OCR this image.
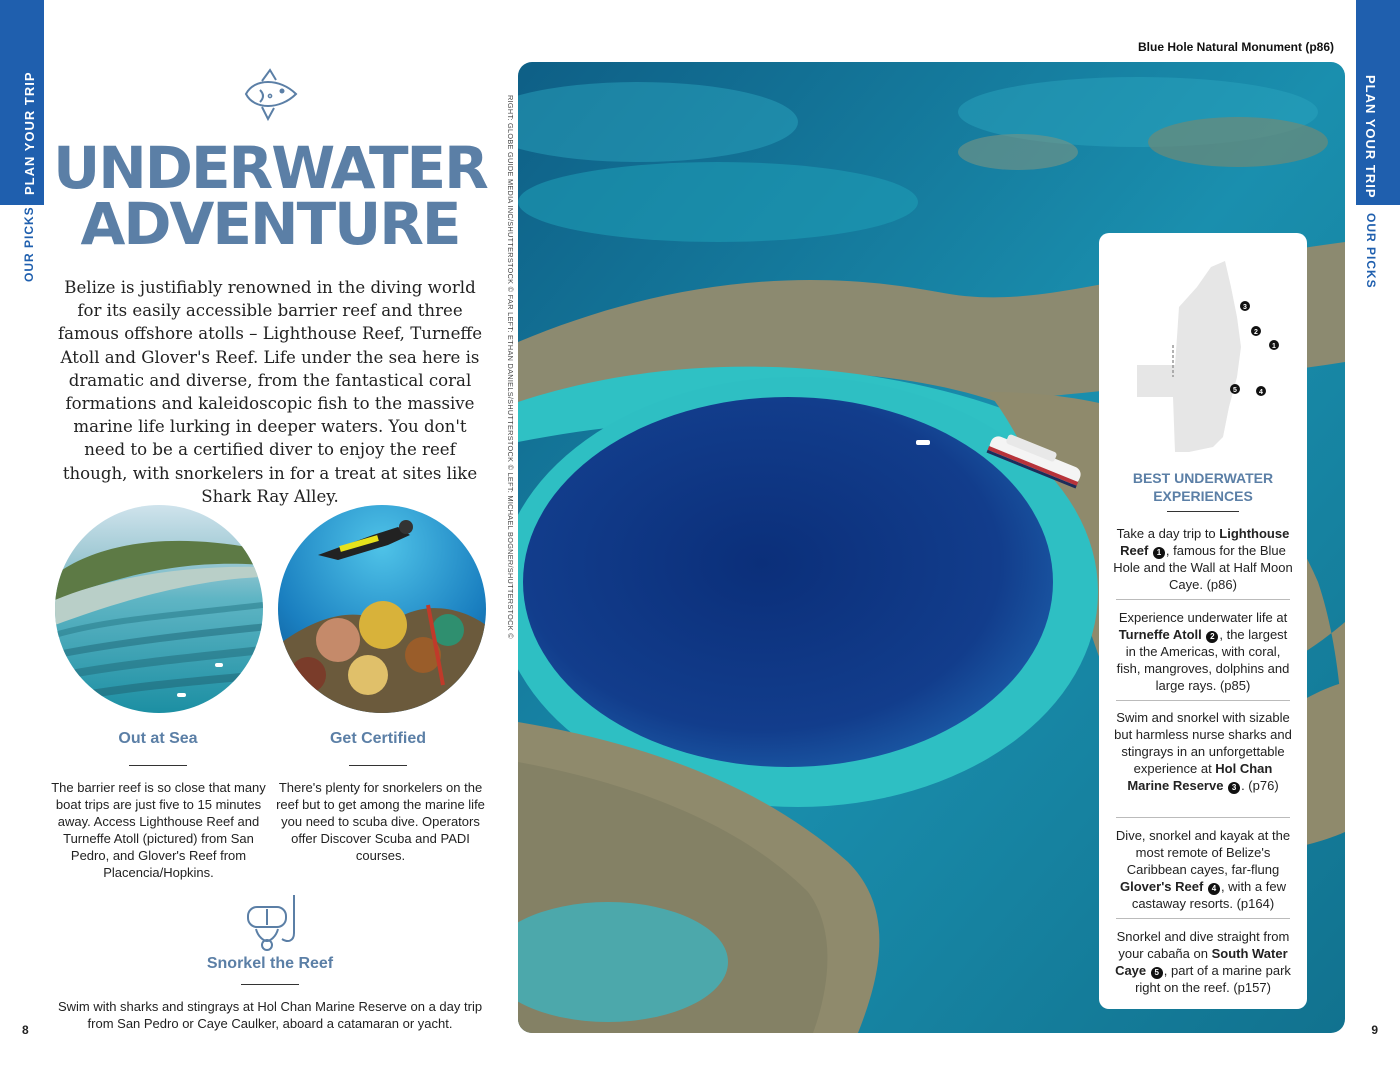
PLAN YOUR TRIP
OUR PICKS
PLAN YOUR TRIP
OUR PICKS
UNDERWATER
ADVENTURE

Belize is justifiably renowned in the diving world for its easily accessible barrier reef and three famous offshore atolls – Lighthouse Reef, Turneffe Atoll and Glover's Reef. Life under the sea here is dramatic and diverse, from the fantastical coral formations and kaleidoscopic fish to the massive marine life lurking in deeper waters. You don't need to be a certified diver to enjoy the reef though, with snorkelers in for a treat at sites like Shark Ray Alley.

Out at Sea

The barrier reef is so close that many boat trips are just five to 15 minutes away. Access Lighthouse Reef and Turneffe Atoll (pictured) from San Pedro, and Glover's Reef from Placencia/Hopkins.

Get Certified

There's plenty for snorkelers on the reef but to get among the marine life you need to scuba dive. Operators offer Discover Scuba and PADI courses.

Snorkel the Reef

Swim with sharks and stingrays at Hol Chan Marine Reserve on a day trip from San Pedro or Caye Caulker, aboard a catamaran or yacht.

RIGHT: GLOBE GUIDE MEDIA INC/SHUTTERSTOCK © FAR LEFT: ETHAN DANIELS/SHUTTERSTOCK © LEFT: MICHAEL BOGNER/SHUTTERSTOCK ©
8
Blue Hole Natural Monument (p86)
3
2
1
5	4
BEST UNDERWATER
EXPERIENCES

Take a day trip to Lighthouse Reef 1 , famous for the Blue Hole and the Wall at Half Moon Caye. (p86)

Experience underwater life at Turneffe Atoll 2 , the largest in the Americas, with coral, fish, mangroves, dolphins and large rays. (p85)

Swim and snorkel with sizable but harmless nurse sharks and stingrays in an unforgettable experience at Hol Chan Marine Reserve 3 . (p76)

Dive, snorkel and kayak at the most remote of Belize's Caribbean cayes, far-flung Glover's Reef 4 , with a few castaway resorts. (p164)

Snorkel and dive straight from your cabaña on South Water Caye 5 , part of a marine park right on the reef. (p157)

9
